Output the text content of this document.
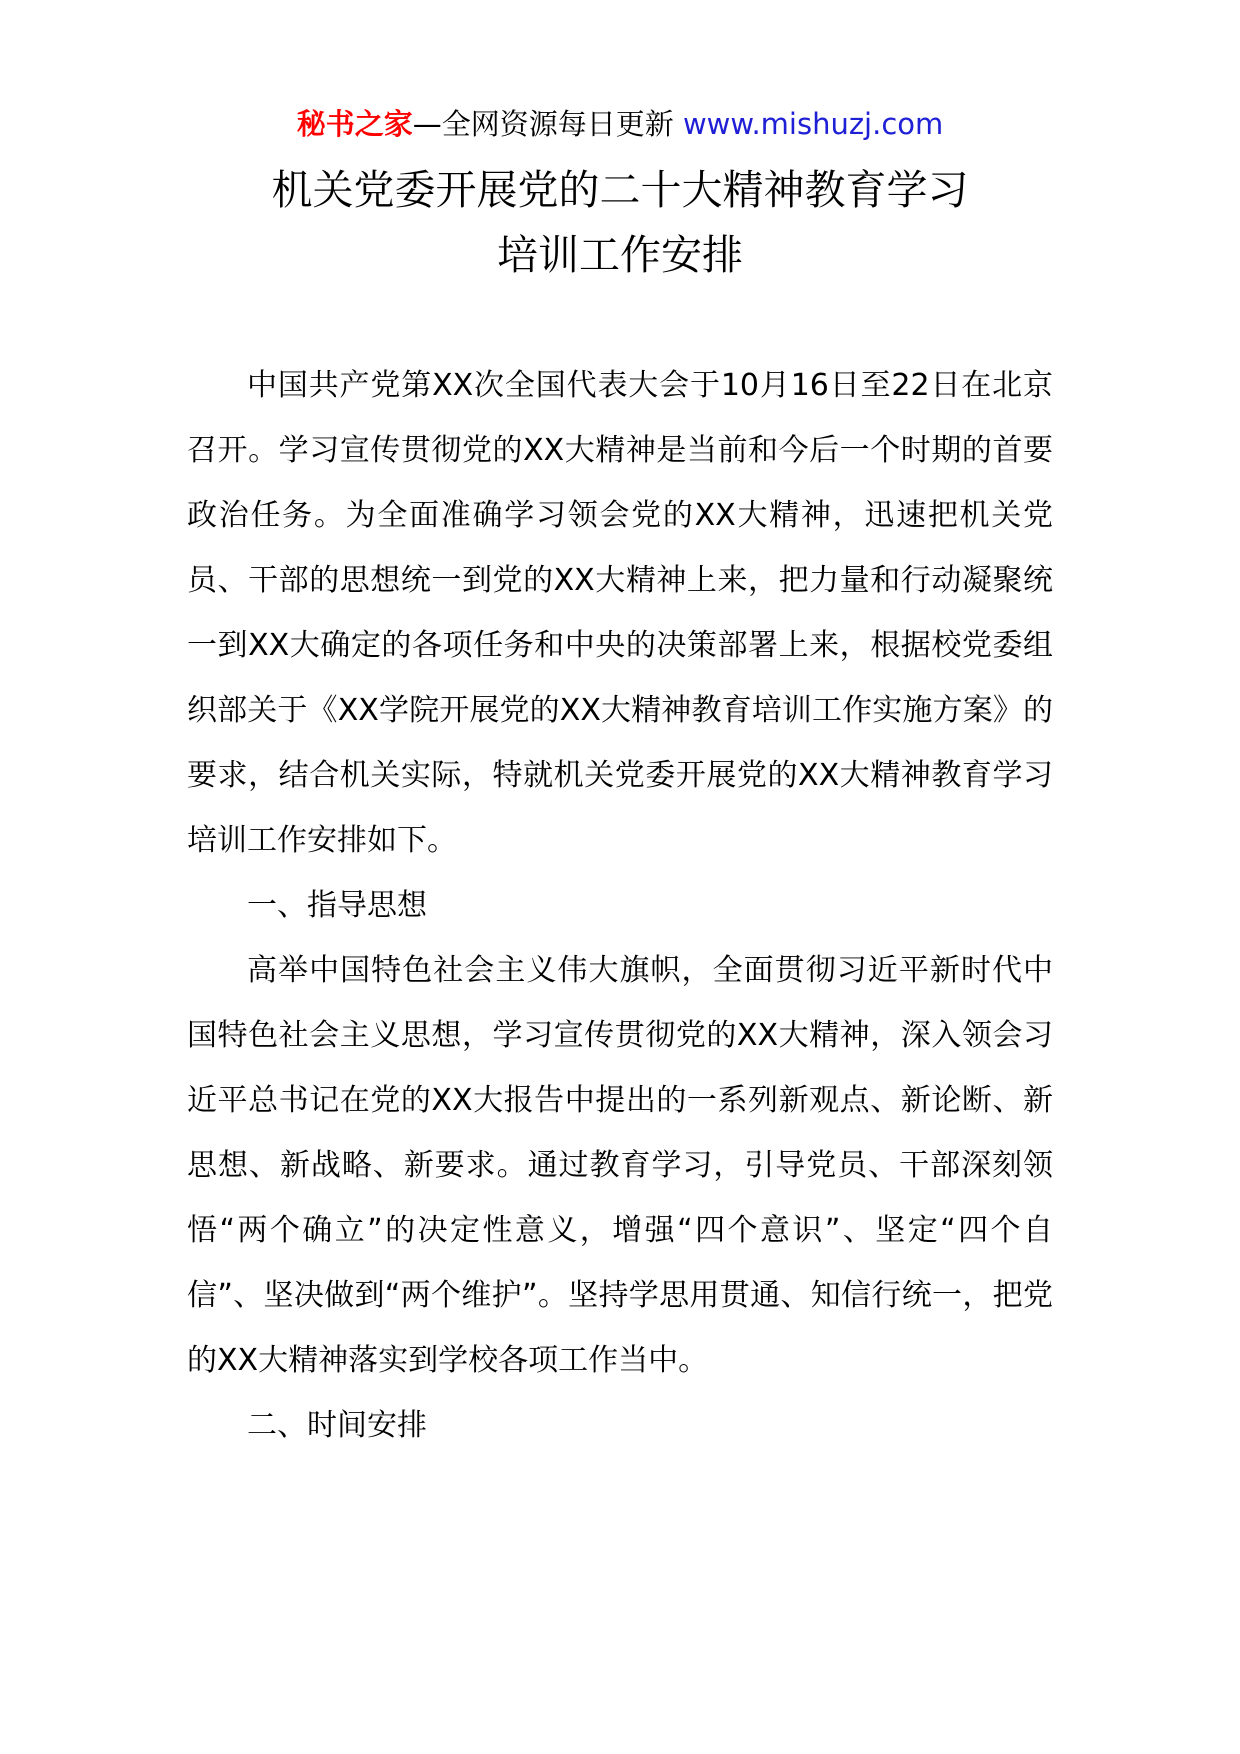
秘书之家—全网资源每日更新 www.mishuzj.com
机关党委开展党的二十大精神教育学习
培训工作安排

中国共产党第XX次全国代表大会于10月16日至22日在北京召开。学习宣传贯彻党的XX大精神是当前和今后一个时期的首要政治任务。为全面准确学习领会党的XX大精神，迅速把机关党员、干部的思想统一到党的XX大精神上来，把力量和行动凝聚统一到XX大确定的各项任务和中央的决策部署上来，根据校党委组织部关于《XX学院开展党的XX大精神教育培训工作实施方案》的要求，结合机关实际，特就机关党委开展党的XX大精神教育学习培训工作安排如下。

一、指导思想

高举中国特色社会主义伟大旗帜，全面贯彻习近平新时代中国特色社会主义思想，学习宣传贯彻党的XX大精神，深入领会习近平总书记在党的XX大报告中提出的一系列新观点、新论断、新思想、新战略、新要求。通过教育学习，引导党员、干部深刻领悟“两个确立”的决定性意义，增强“四个意识”、坚定“四个自信”、坚决做到“两个维护”。坚持学思用贯通、知信行统一，把党的XX大精神落实到学校各项工作当中。

二、时间安排
